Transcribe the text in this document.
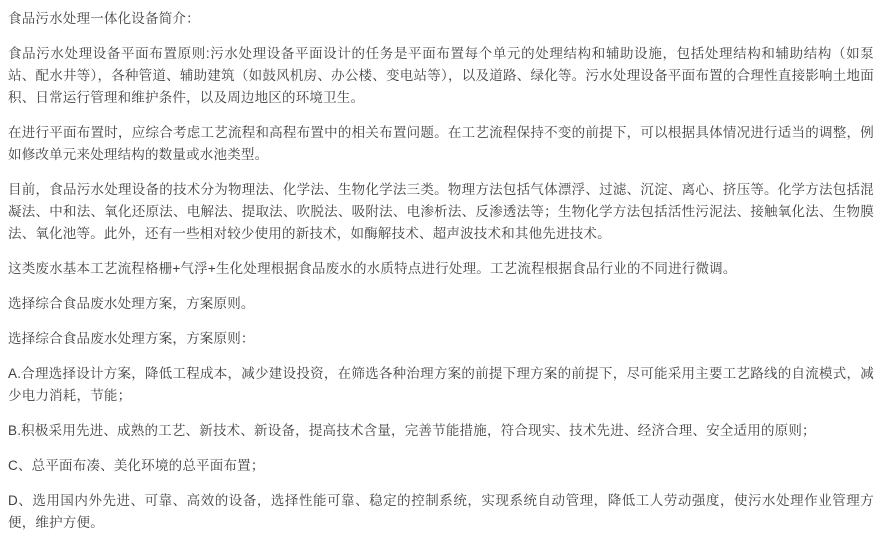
食品污水处理一体化设备简介：

食品污水处理设备平面布置原则:污水处理设备平面设计的任务是平面布置每个单元的处理结构和辅助设施，包括处理结构和辅助结构（如泵站、配水井等），各种管道、辅助建筑（如鼓风机房、办公楼、变电站等），以及道路、绿化等。污水处理设备平面布置的合理性直接影响土地面积、日常运行管理和维护条件，以及周边地区的环境卫生。

在进行平面布置时，应综合考虑工艺流程和高程布置中的相关布置问题。在工艺流程保持不变的前提下，可以根据具体情况进行适当的调整，例如修改单元来处理结构的数量或水池类型。

目前，食品污水处理设备的技术分为物理法、化学法、生物化学法三类。物理方法包括气体漂浮、过滤、沉淀、离心、挤压等。化学方法包括混凝法、中和法、氧化还原法、电解法、提取法、吹脱法、吸附法、电渗析法、反渗透法等；生物化学方法包括活性污泥法、接触氧化法、生物膜法、氧化池等。此外，还有一些相对较少使用的新技术，如酶解技术、超声波技术和其他先进技术。

这类废水基本工艺流程格栅+气浮+生化处理根据食品废水的水质特点进行处理。工艺流程根据食品行业的不同进行微调。

选择综合食品废水处理方案，方案原则。

选择综合食品废水处理方案，方案原则：

A.合理选择设计方案，降低工程成本，减少建设投资，在筛选各种治理方案的前提下理方案的前提下，尽可能采用主要工艺路线的自流模式，减少电力消耗，节能；

B.积极采用先进、成熟的工艺、新技术、新设备，提高技术含量，完善节能措施，符合现实、技术先进、经济合理、安全适用的原则；

C、总平面布凑、美化环境的总平面布置；

D、选用国内外先进、可靠、高效的设备，选择性能可靠、稳定的控制系统，实现系统自动管理，降低工人劳动强度，使污水处理作业管理方便，维护方便。
